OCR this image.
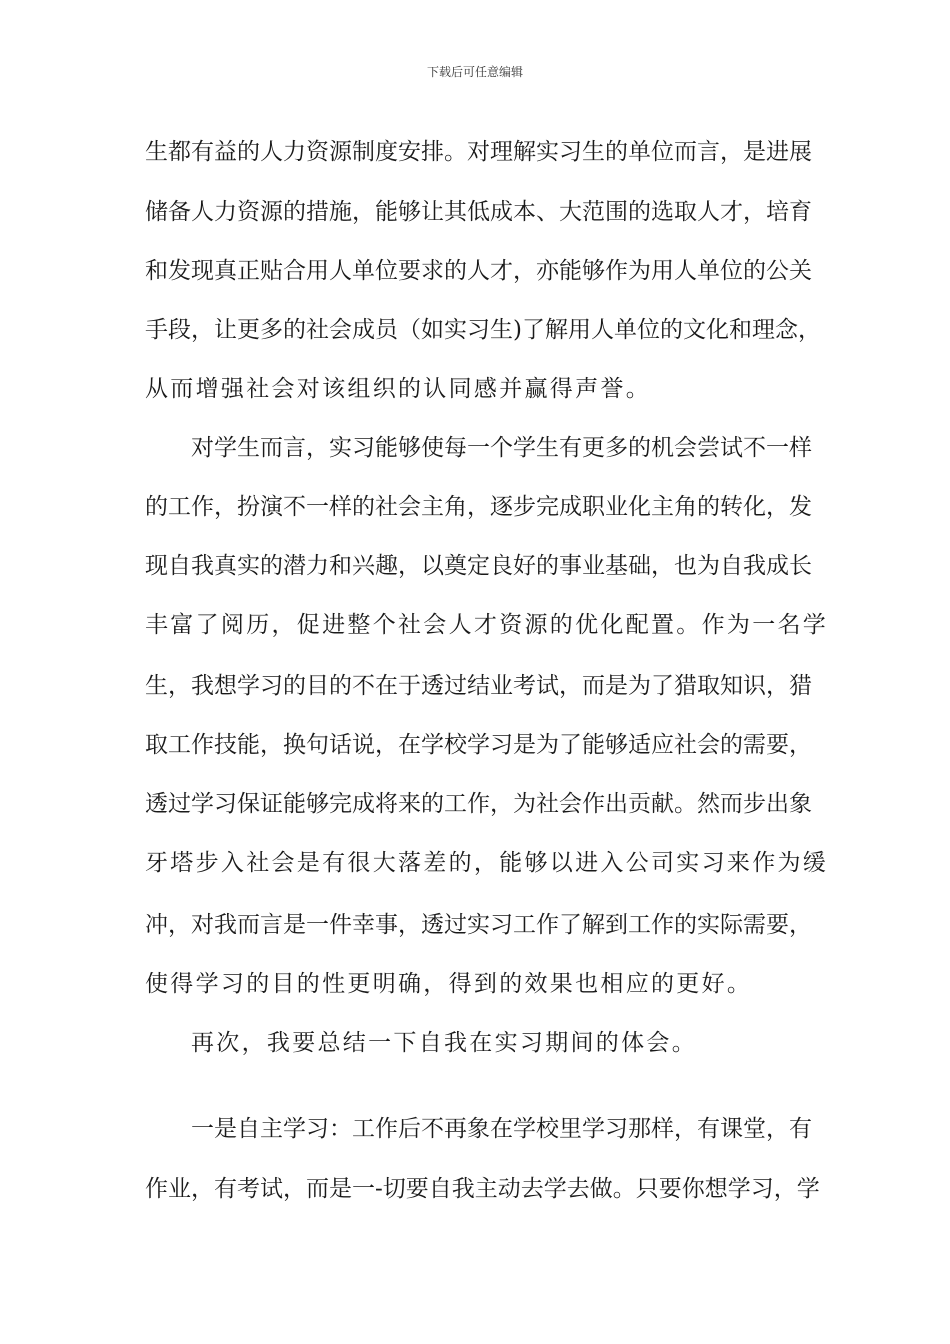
下载后可任意编辑
生都有益的人力资源制度安排。对理解实习生的单位而言，是进展
储备人力资源的措施，能够让其低成本、大范围的选取人才，培育
和发现真正贴合用人单位要求的人才，亦能够作为用人单位的公关
手段，让更多的社会成员（如实习生)了解用人单位的文化和理念，
从而增强社会对该组织的认同感并赢得声誉。
对学生而言，实习能够使每一个学生有更多的机会尝试不一样
的工作，扮演不一样的社会主角，逐步完成职业化主角的转化，发
现自我真实的潜力和兴趣，以奠定良好的事业基础，也为自我成长
丰富了阅历，促进整个社会人才资源的优化配置。作为一名学
生，我想学习的目的不在于透过结业考试，而是为了猎取知识，猎
取工作技能，换句话说，在学校学习是为了能够适应社会的需要，
透过学习保证能够完成将来的工作，为社会作出贡献。然而步出象
牙塔步入社会是有很大落差的，能够以进入公司实习来作为缓
冲，对我而言是一件幸事，透过实习工作了解到工作的实际需要，
使得学习的目的性更明确，得到的效果也相应的更好。
再次，我要总结一下自我在实习期间的体会。
一是自主学习：工作后不再象在学校里学习那样，有课堂，有
作业，有考试，而是一-切要自我主动去学去做。只要你想学习，学
